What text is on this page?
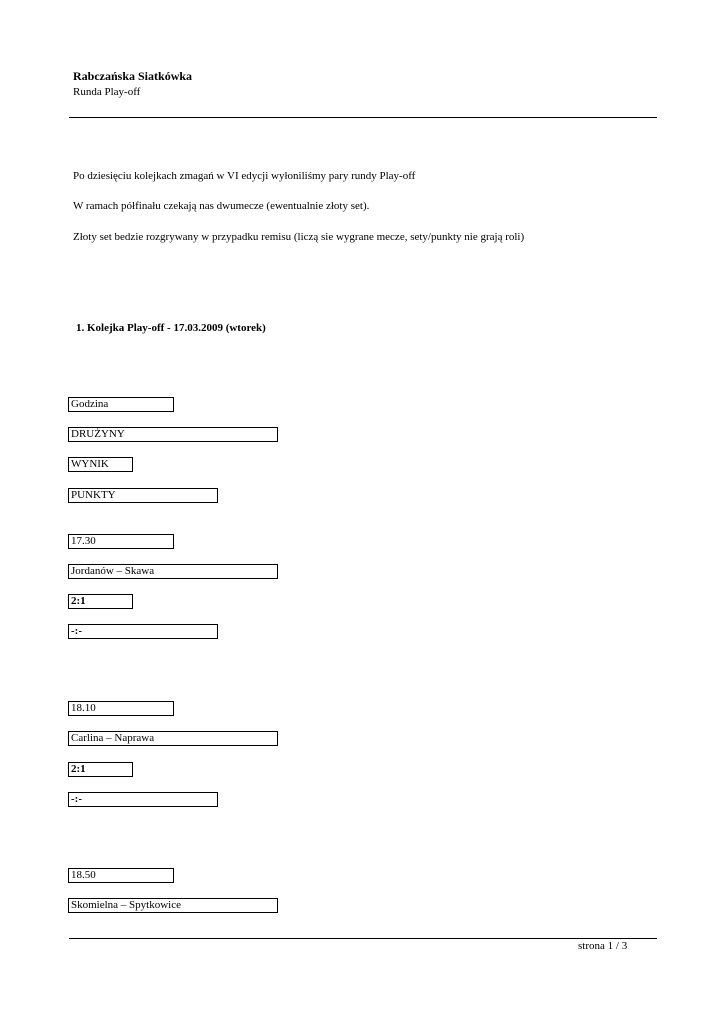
Rabczańska Siatkówka
Runda Play-off
Po dziesięciu kolejkach zmagań w VI edycji wyłoniliśmy pary rundy Play-off
W ramach półfinału czekają nas dwumecze (ewentualnie złoty set).
Złoty set bedzie rozgrywany w przypadku remisu (liczą sie wygrane mecze, sety/punkty nie grają roli)
1. Kolejka Play-off - 17.03.2009 (wtorek)
Godzina
DRUŻYNY
WYNIK
PUNKTY
17.30
Jordanów – Skawa
2:1
-:-
18.10
Carlina – Naprawa
2:1
-:-
18.50
Skomielna – Spytkowice
strona 1 / 3
